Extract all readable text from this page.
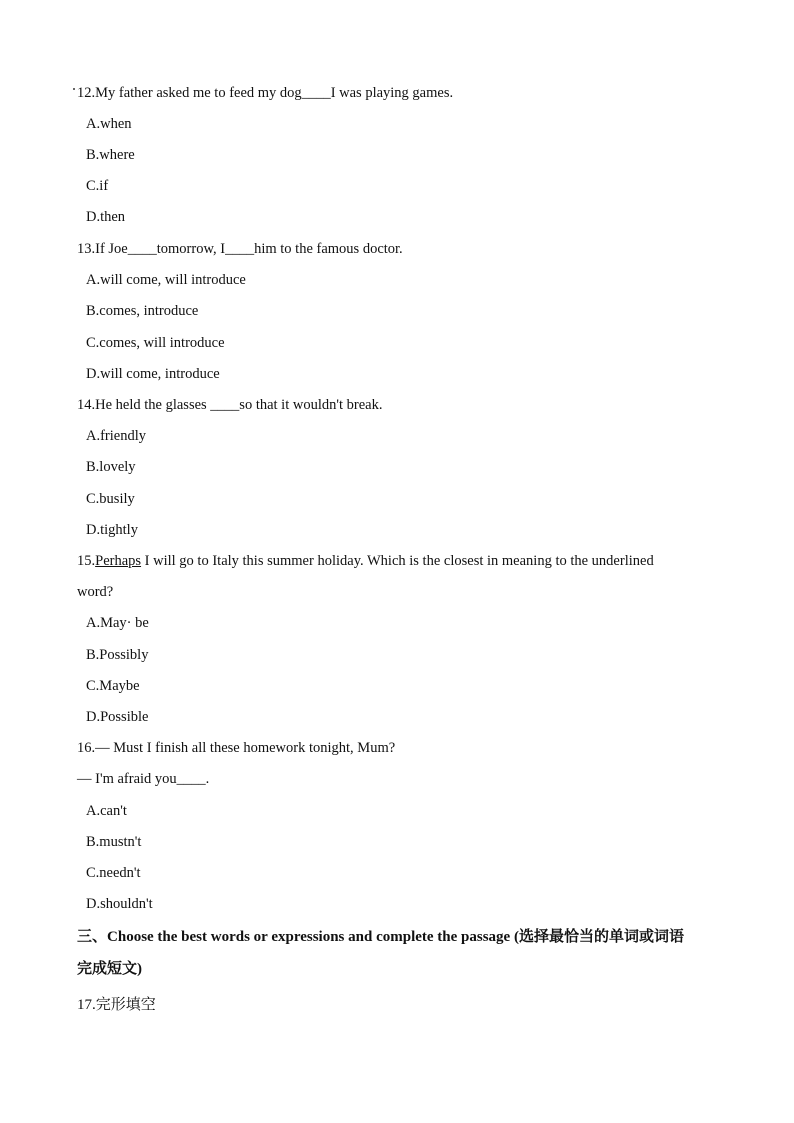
12.My father asked me to feed my dog____I was playing games.
A.when
B.where
C.if
D.then
13.If Joe____tomorrow, I____him to the famous doctor.
A.will come, will introduce
B.comes, introduce
C.comes, will introduce
D.will come, introduce
14.He held the glasses ____so that it wouldn't break.
A.friendly
B.lovely
C.busily
D.tightly
15.Perhaps I will go to Italy this summer holiday. Which is the closest in meaning to the underlined
word?
A.May· be
B.Possibly
C.Maybe
D.Possible
16.— Must I finish all these homework tonight, Mum?
— I'm afraid you____.
A.can't
B.mustn't
C.needn't
D.shouldn't
三、Choose the best words or expressions and complete the passage (选择最恰当的单词或词语
完成短文)
17.完形填空
